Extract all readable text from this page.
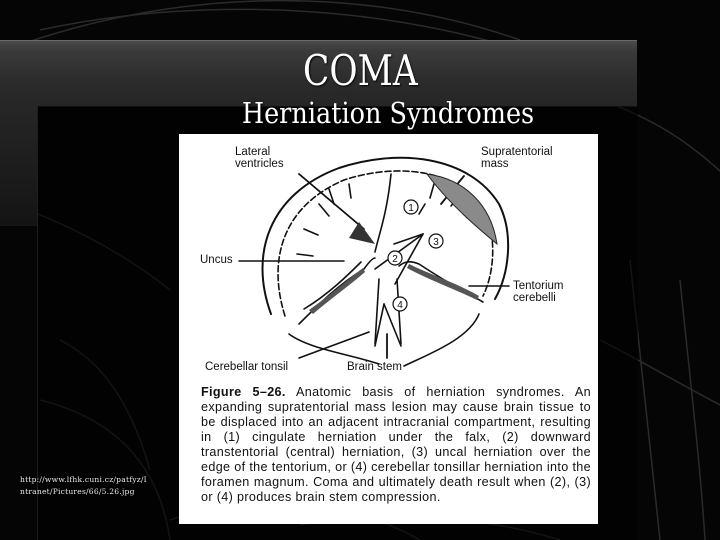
COMA
Herniation Syndromes
1
2
3
4
Lateral
ventricles
Supratentorial
mass
Uncus
Tentorium
cerebelli
Cerebellar tonsil	Brain stem
Figure 5–26. Anatomic basis of herniation syndromes. An expanding supratentorial mass lesion may cause brain tissue to be displaced into an adjacent intracranial compartment, resulting in (1) cingulate herniation under the falx, (2) downward transtentorial (central) herniation, (3) uncal herniation over the edge of the tentorium, or (4) cerebellar tonsillar herniation into the foramen magnum. Coma and ultimately death result when (2), (3) or (4) produces brain stem compression.
http://www.lfhk.cuni.cz/patfyz/I
ntranet/Pictures/66/5.26.jpg
